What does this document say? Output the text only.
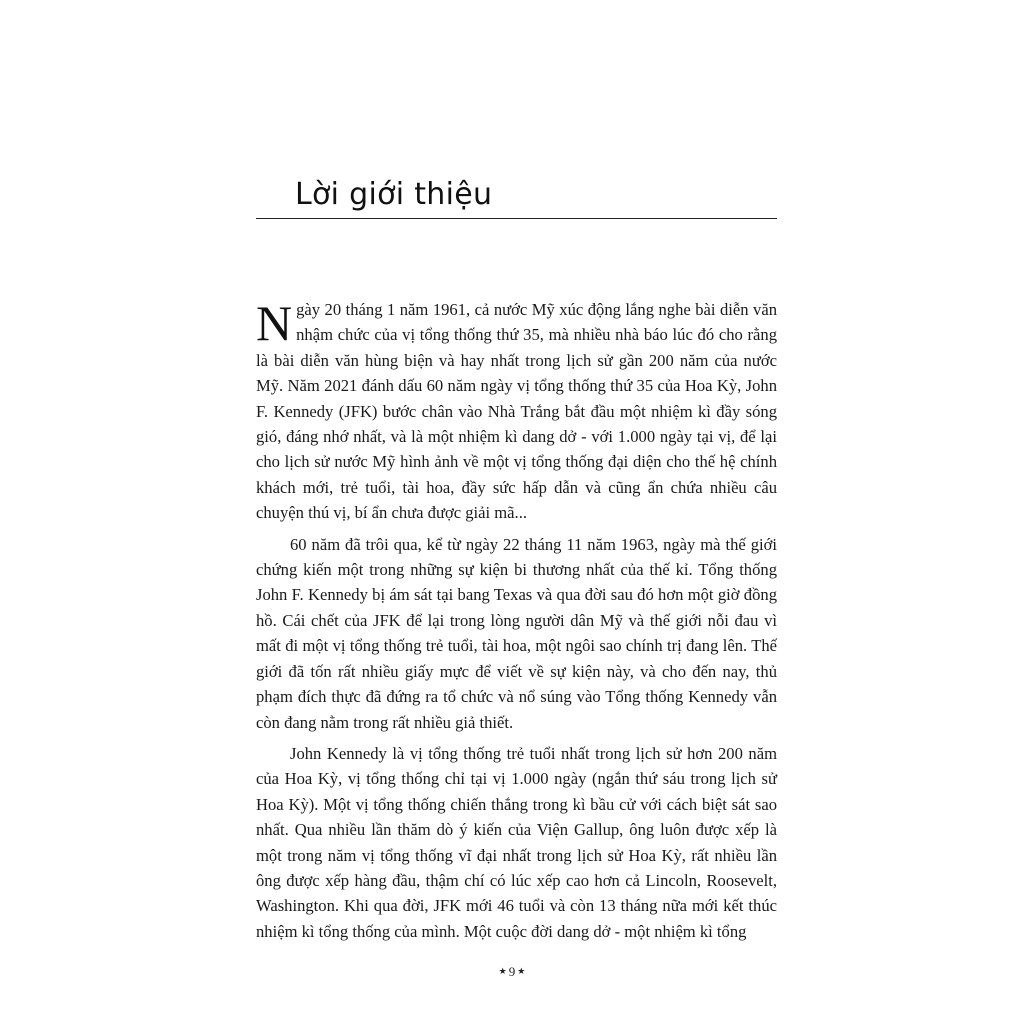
Lời giới thiệu

Ngày 20 tháng 1 năm 1961, cả nước Mỹ xúc động lắng nghe bài diễn văn nhậm chức của vị tổng thống thứ 35, mà nhiều nhà báo lúc đó cho rằng là bài diễn văn hùng biện và hay nhất trong lịch sử gần 200 năm của nước Mỹ. Năm 2021 đánh dấu 60 năm ngày vị tổng thống thứ 35 của Hoa Kỳ, John F. Kennedy (JFK) bước chân vào Nhà Trắng bắt đầu một nhiệm kì đầy sóng gió, đáng nhớ nhất, và là một nhiệm kì dang dở - với 1.000 ngày tại vị, để lại cho lịch sử nước Mỹ hình ảnh về một vị tổng thống đại diện cho thế hệ chính khách mới, trẻ tuổi, tài hoa, đầy sức hấp dẫn và cũng ẩn chứa nhiều câu chuyện thú vị, bí ẩn chưa được giải mã...

60 năm đã trôi qua, kể từ ngày 22 tháng 11 năm 1963, ngày mà thế giới chứng kiến một trong những sự kiện bi thương nhất của thế kỉ. Tổng thống John F. Kennedy bị ám sát tại bang Texas và qua đời sau đó hơn một giờ đồng hồ. Cái chết của JFK để lại trong lòng người dân Mỹ và thế giới nỗi đau vì mất đi một vị tổng thống trẻ tuổi, tài hoa, một ngôi sao chính trị đang lên. Thế giới đã tốn rất nhiều giấy mực để viết về sự kiện này, và cho đến nay, thủ phạm đích thực đã đứng ra tổ chức và nổ súng vào Tổng thống Kennedy vẫn còn đang nằm trong rất nhiều giả thiết.

John Kennedy là vị tổng thống trẻ tuổi nhất trong lịch sử hơn 200 năm của Hoa Kỳ, vị tổng thống chỉ tại vị 1.000 ngày (ngắn thứ sáu trong lịch sử Hoa Kỳ). Một vị tổng thống chiến thắng trong kì bầu cử với cách biệt sát sao nhất. Qua nhiều lần thăm dò ý kiến của Viện Gallup, ông luôn được xếp là một trong năm vị tổng thống vĩ đại nhất trong lịch sử Hoa Kỳ, rất nhiều lần ông được xếp hàng đầu, thậm chí có lúc xếp cao hơn cả Lincoln, Roosevelt, Washington. Khi qua đời, JFK mới 46 tuổi và còn 13 tháng nữa mới kết thúc nhiệm kì tổng thống của mình. Một cuộc đời dang dở - một nhiệm kì tổng

★ 9 ★
